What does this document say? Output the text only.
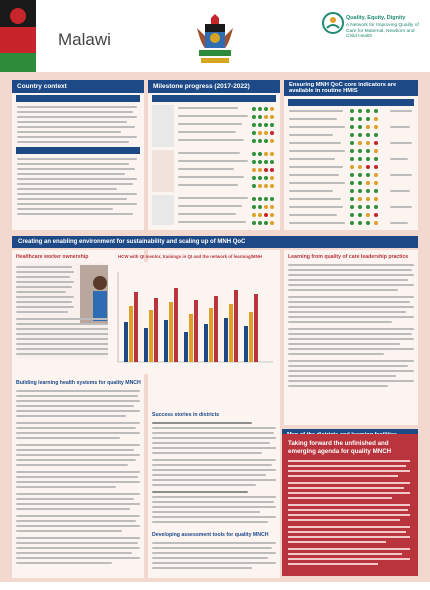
Malawi
Quality, Equity, Dignity
A Network for Improving Quality of Care for Maternal, Newborn and Child Health
Country context	Milestone progress (2017-2022)	Ensuring MNH QoC core indicators are available in routine HMIS
Creating an enabling environment for sustainability and scaling up of MNH QoC
Healthcare worker ownership
Building learning health systems for quality MNCH
HCW with QI mentor, trainings in QI and the network of learning/MNH
Success stories in districts
Developing assessment tools for quality MNCH
Learning from quality of care leadership practice
Taking forward the unfinished and emerging agenda for quality MNCH
